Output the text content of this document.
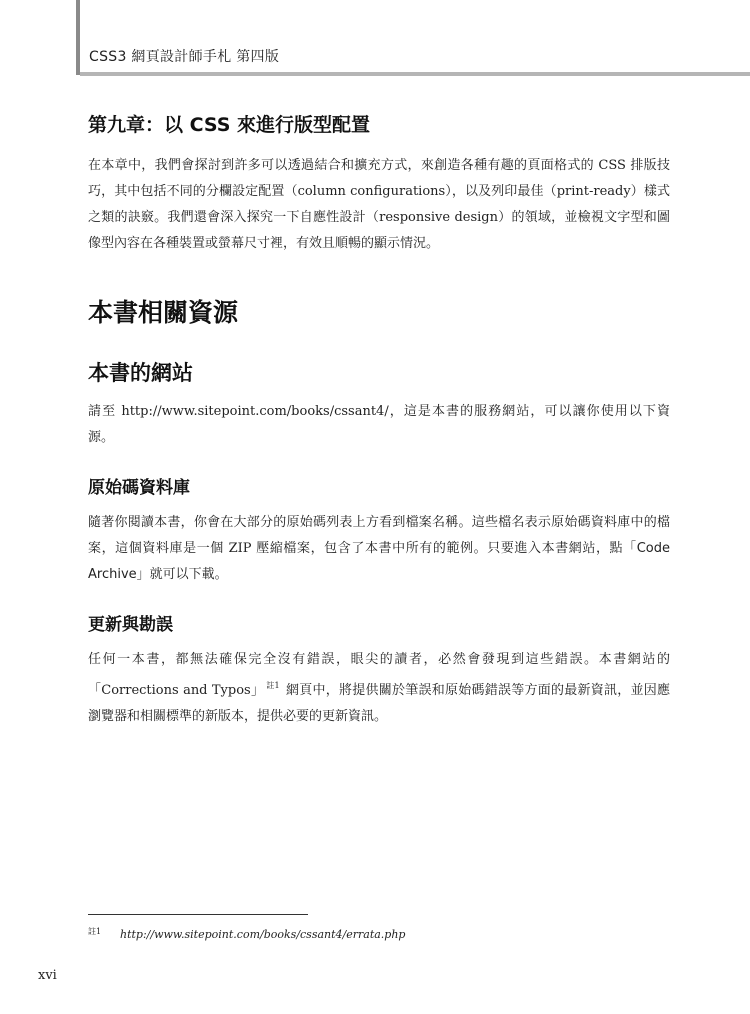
CSS3 網頁設計師手札 第四版
第九章：以 CSS 來進行版型配置

在本章中，我們會探討到許多可以透過結合和擴充方式，來創造各種有趣的頁面格式的 CSS 排版技巧，其中包括不同的分欄設定配置（column configurations），以及列印最佳（print-ready）樣式之類的訣竅。我們還會深入探究一下自應性設計（responsive design）的領域，並檢視文字型和圖像型內容在各種裝置或螢幕尺寸裡，有效且順暢的顯示情況。

本書相關資源
本書的網站

請至 http://www.sitepoint.com/books/cssant4/，這是本書的服務網站，可以讓你使用以下資源。

原始碼資料庫

隨著你閱讀本書，你會在大部分的原始碼列表上方看到檔案名稱。這些檔名表示原始碼資料庫中的檔案，這個資料庫是一個 ZIP 壓縮檔案，包含了本書中所有的範例。只要進入本書網站，點「Code Archive」就可以下載。

更新與勘誤

任何一本書，都無法確保完全沒有錯誤，眼尖的讀者，必然會發現到這些錯誤。本書網站的「Corrections and Typos」 $^{註1}$ 網頁中，將提供關於筆誤和原始碼錯誤等方面的最新資訊，並因應瀏覽器和相關標準的新版本，提供必要的更新資訊。

註1 http://www.sitepoint.com/books/cssant4/errata.php
xvi
